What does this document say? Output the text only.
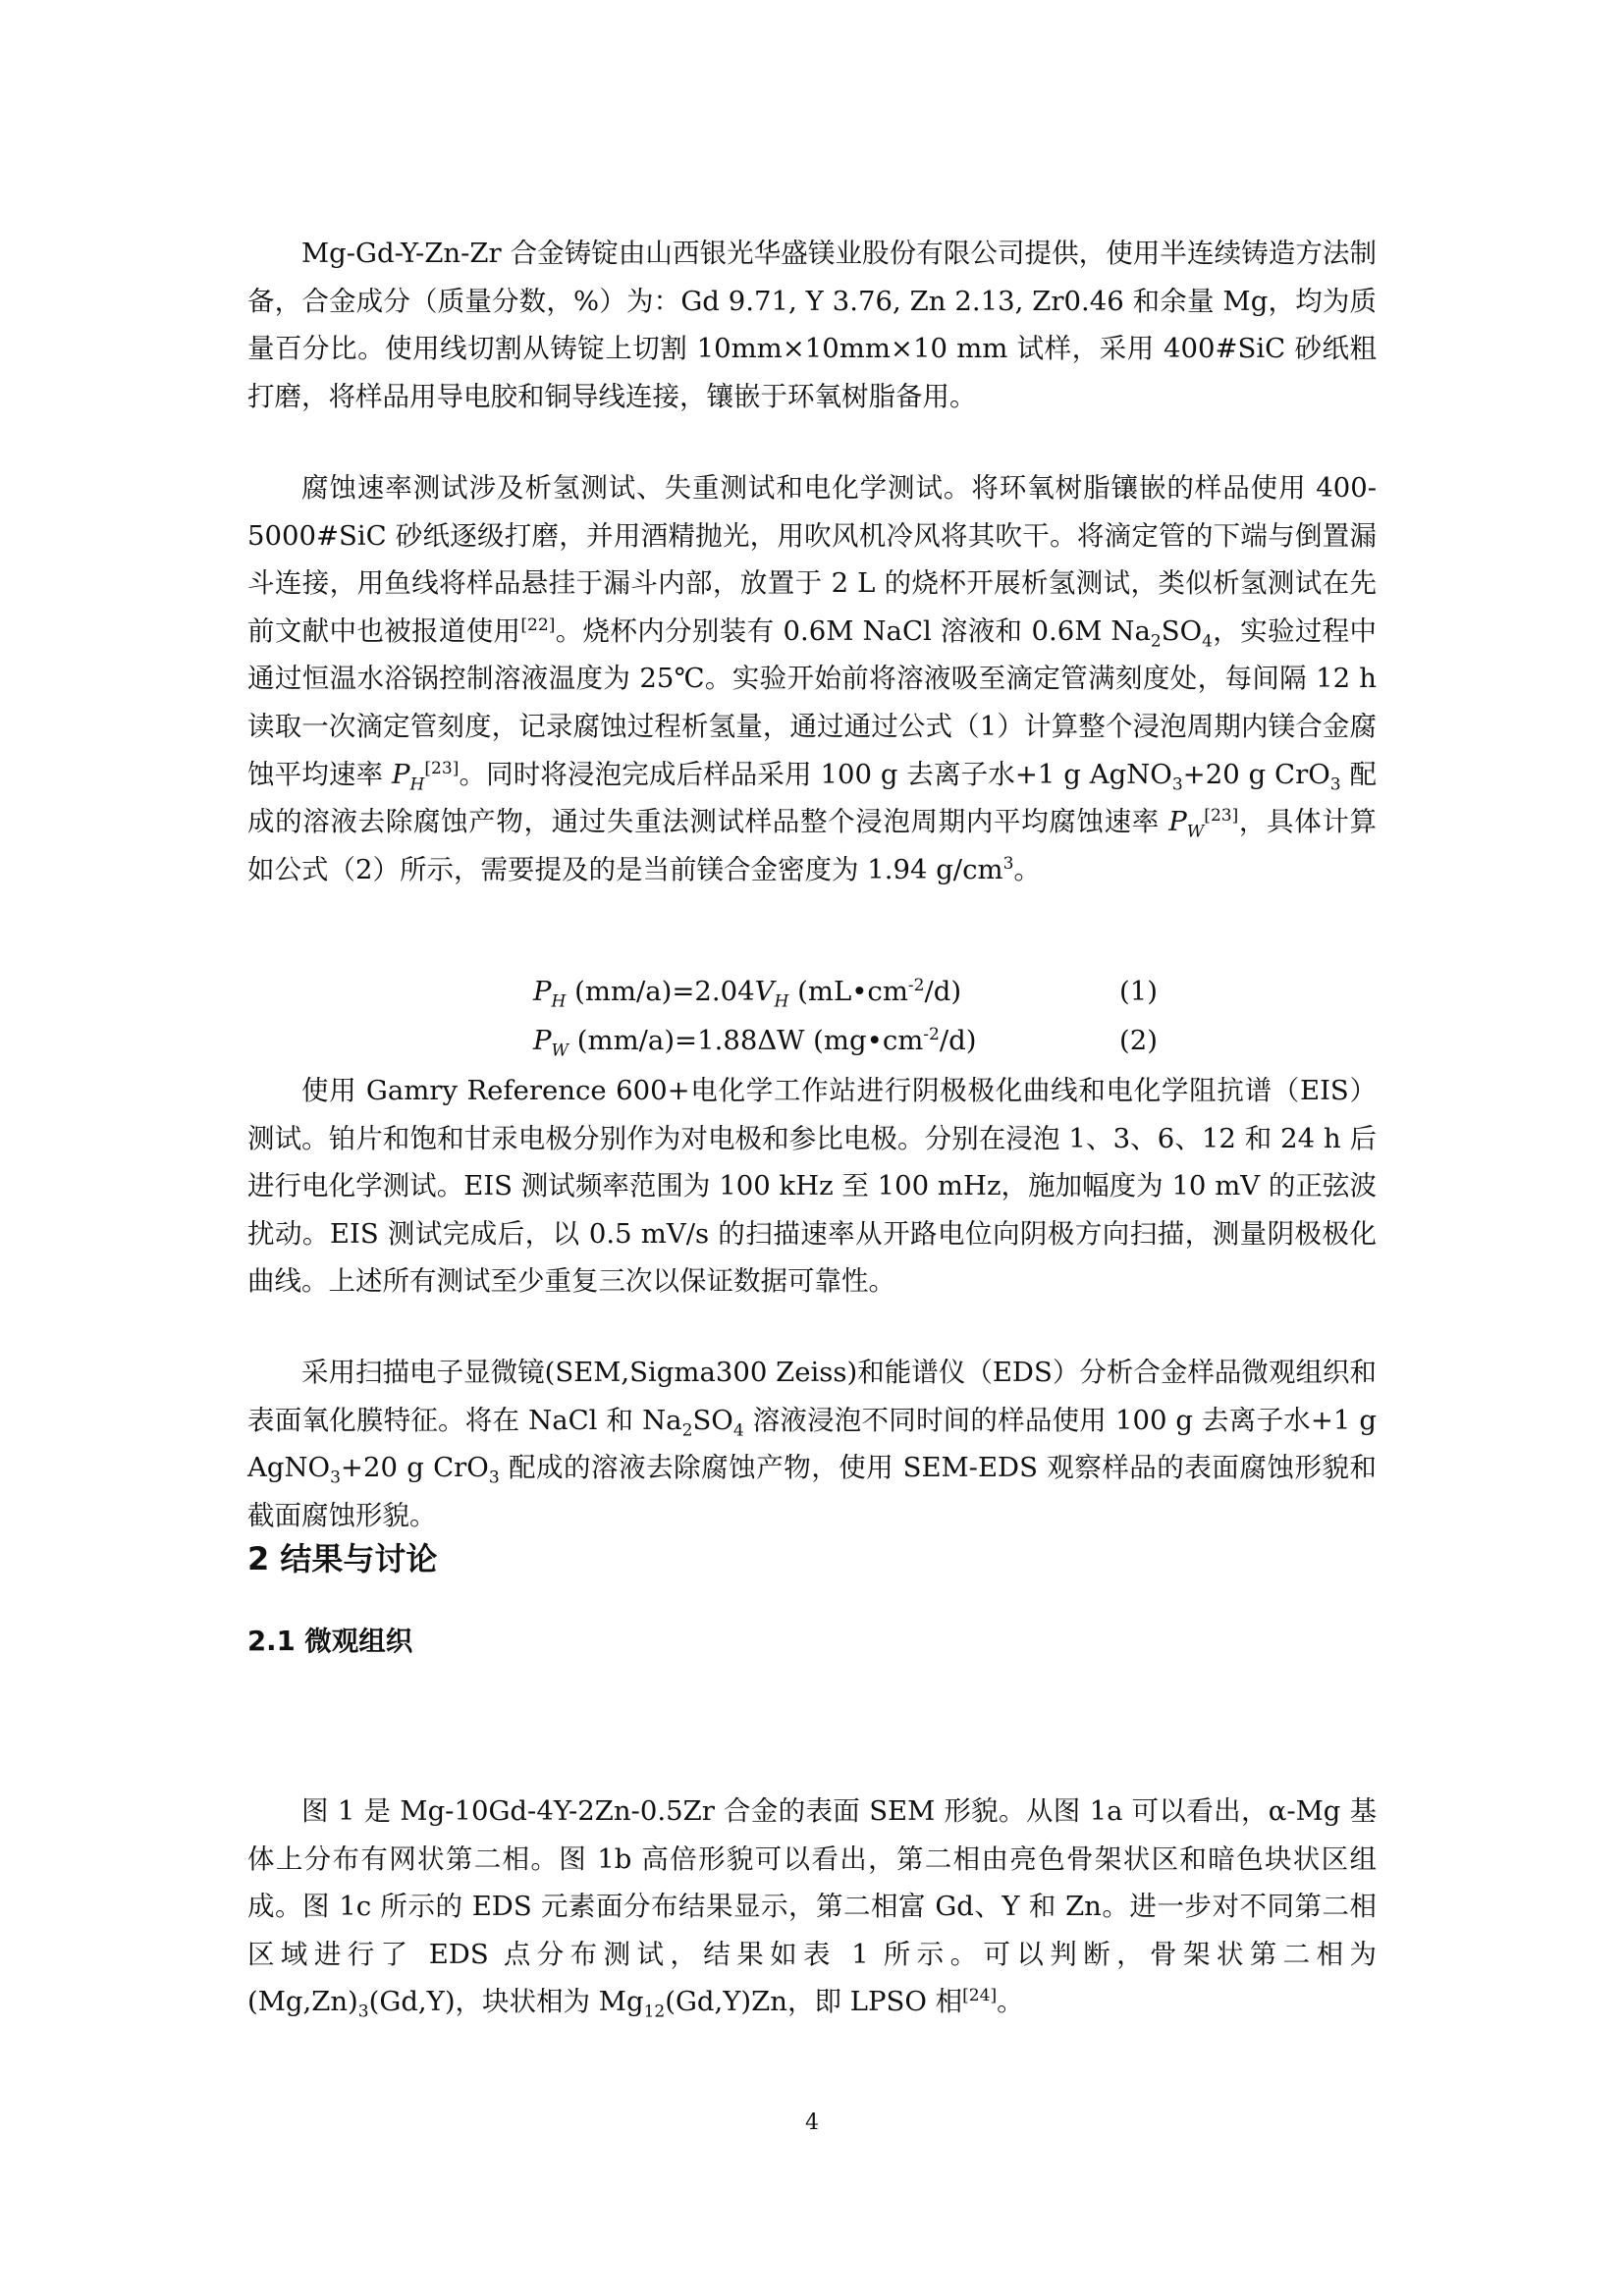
Mg-Gd-Y-Zn-Zr 合金铸锭由山西银光华盛镁业股份有限公司提供，使用半连续铸造方法制备，合金成分（质量分数，%）为：Gd 9.71, Y 3.76, Zn 2.13, Zr0.46 和余量 Mg，均为质量百分比。使用线切割从铸锭上切割 10mm×10mm×10 mm 试样，采用 400#SiC 砂纸粗打磨，将样品用导电胶和铜导线连接，镶嵌于环氧树脂备用。

腐蚀速率测试涉及析氢测试、失重测试和电化学测试。将环氧树脂镶嵌的样品使用 400-5000#SiC 砂纸逐级打磨，并用酒精抛光，用吹风机冷风将其吹干。将滴定管的下端与倒置漏斗连接，用鱼线将样品悬挂于漏斗内部，放置于 2 L 的烧杯开展析氢测试，类似析氢测试在先前文献中也被报道使用[22]。烧杯内分别装有 0.6M NaCl 溶液和 0.6M $Na_2SO_4$，实验过程中通过恒温水浴锅控制溶液温度为 25℃。实验开始前将溶液吸至滴定管满刻度处，每间隔 12 h 读取一次滴定管刻度，记录腐蚀过程析氢量，通过通过公式（1）计算整个浸泡周期内镁合金腐蚀平均速率 $P_H[23]$。同时将浸泡完成后样品采用 100 g 去离子水+1 g AgNO$_3$+20 g CrO$_3$ 配成的溶液去除腐蚀产物，通过失重法测试样品整个浸泡周期内平均腐蚀速率 $P_W[23]$，具体计算如公式（2）所示，需要提及的是当前镁合金密度为 1.94 $g/cm^3$。

$P_H$ $(mm/a)=2.04V_H$ $(mL•cm^{-2}/d)$	(1)
$P_W$ (mm/a)=1.88ΔW $(mg•cm^{-2}/d)$	(2)

使用 Gamry Reference 600+电化学工作站进行阴极极化曲线和电化学阻抗谱（EIS）测试。铂片和饱和甘汞电极分别作为对电极和参比电极。分别在浸泡 1、3、6、12 和 24 h 后进行电化学测试。EIS 测试频率范围为 100 kHz 至 100 mHz，施加幅度为 10 mV 的正弦波扰动。EIS 测试完成后，以 0.5 mV/s 的扫描速率从开路电位向阴极方向扫描，测量阴极极化曲线。上述所有测试至少重复三次以保证数据可靠性。

采用扫描电子显微镜(SEM,Sigma300 Zeiss)和能谱仪（EDS）分析合金样品微观组织和表面氧化膜特征。将在 NaCl 和 $Na_2SO_4$ 溶液浸泡不同时间的样品使用 100 g 去离子水+1 g AgNO$_3$+20 g CrO$_3$ 配成的溶液去除腐蚀产物，使用 SEM-EDS 观察样品的表面腐蚀形貌和截面腐蚀形貌。

2 结果与讨论
2.1 微观组织

图 1 是 Mg-10Gd-4Y-2Zn-0.5Zr 合金的表面 SEM 形貌。从图 1a 可以看出，α-Mg 基体上分布有网状第二相。图 1b 高倍形貌可以看出，第二相由亮色骨架状区和暗色块状区组成。图 1c 所示的 EDS 元素面分布结果显示，第二相富 Gd、Y 和 Zn。进一步对不同第二相区域进行了 EDS 点分布测试，结果如表 1 所示。可以判断，骨架状第二相为$(Mg,Zn)_3(Gd,Y)$，块状相为 $Mg_{12}(Gd,Y)Zn$，即 LPSO 相[24]。

4
